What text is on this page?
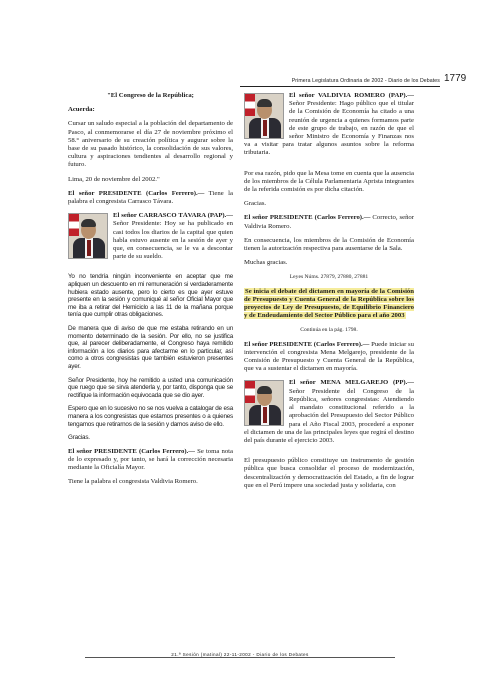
Primera Legislatura Ordinaria de 2002 - Diario de los Debates 1779

"El Congreso de la República;

Acuerda:

Cursar un saludo especial a la población del departamento de Pasco, al conmemorarse el día 27 de noviembre próximo el 58.° aniversario de su creación política y augurar sobre la base de su pasado histórico, la consolidación de sus valores, cultura y aspiraciones tendientes al desarrollo regional y futuro.

Lima, 20 de noviembre del 2002."

El señor PRESIDENTE (Carlos Ferrero).— Tiene la palabra el congresista Carrasco Távara.

El señor CARRASCO TÁVARA (PAP).— Señor Presidente: Hoy se ha publicado en casi todos los diarios de la capital que quien habla estuvo ausente en la sesión de ayer y que, en consecuencia, se le va a descontar parte de su sueldo.

Yo no tendría ningún inconveniente en aceptar que me apliquen un descuento en mi remuneración si verdaderamente hubiera estado ausente, pero lo cierto es que ayer estuve presente en la sesión y comuniqué al señor Oficial Mayor que me iba a retirar del Hemiciclo a las 11 de la mañana porque tenía que cumplir otras obligaciones.
De manera que di aviso de que me estaba retirando en un momento determinado de la sesión. Por ello, no se justifica que, al parecer deliberadamente, el Congreso haya remitido información a los diarios para afectarme en lo particular, así como a otros congresistas que también estuvieron presentes ayer.
Señor Presidente, hoy he remitido a usted una comunicación que ruego que se sirva atenderla y, por tanto, disponga que se rectifique la información equivocada que se dio ayer.
Espero que en lo sucesivo no se nos vuelva a catalogar de esa manera a los congresistas que estamos presentes o a quienes tengamos que retirarnos de la sesión y damos aviso de ello.
Gracias.

El señor PRESIDENTE (Carlos Ferrero).— Se toma nota de lo expresado y, por tanto, se hará la corrección necesaria mediante la Oficialía Mayor.

Tiene la palabra el congresista Valdivia Romero.

El señor VALDIVIA ROMERO (PAP).— Señor Presidente: Hago público que el titular de la Comisión de Economía ha citado a una reunión de urgencia a quienes formamos parte de este grupo de trabajo, en razón de que el señor Ministro de Economía y Finanzas nos va a visitar para tratar algunos asuntos sobre la reforma tributaria.

Por esa razón, pido que la Mesa tome en cuenta que la ausencia de los miembros de la Célula Parlamentaria Aprista integrantes de la referida comisión es por dicha citación.

Gracias.

El señor PRESIDENTE (Carlos Ferrero).— Correcto, señor Valdivia Romero.

En consecuencia, los miembros de la Comisión de Economía tienen la autorización respectiva para ausentarse de la Sala.

Muchas gracias.

Leyes Núms. 27879, 27880, 27881

Se inicia el debate del dictamen en mayoría de la Comisión de Presupuesto y Cuenta General de la República sobre los proyectos de Ley de Presupuesto, de Equilibrio Financiero y de Endeudamiento del Sector Público para el año 2003

Continúa en la pág. 1798.

El señor PRESIDENTE (Carlos Ferrero).— Puede iniciar su intervención el congresista Mena Melgarejo, presidente de la Comisión de Presupuesto y Cuenta General de la República, que va a sustentar el dictamen en mayoría.

El señor MENA MELGAREJO (PP).— Señor Presidente del Congreso de la República, señores congresistas: Atendiendo al mandato constitucional referido a la aprobación del Presupuesto del Sector Público para el Año Fiscal 2003, procederé a exponer el dictamen de una de las principales leyes que regirá el destino del país durante el ejercicio 2003.

El presupuesto público constituye un instrumento de gestión pública que busca consolidar el proceso de modernización, descentralización y democratización del Estado, a fin de lograr que en el Perú impere una sociedad justa y solidaria, con

21.ª Sesión (matinal) 22-11-2002 - Diario de los Debates
